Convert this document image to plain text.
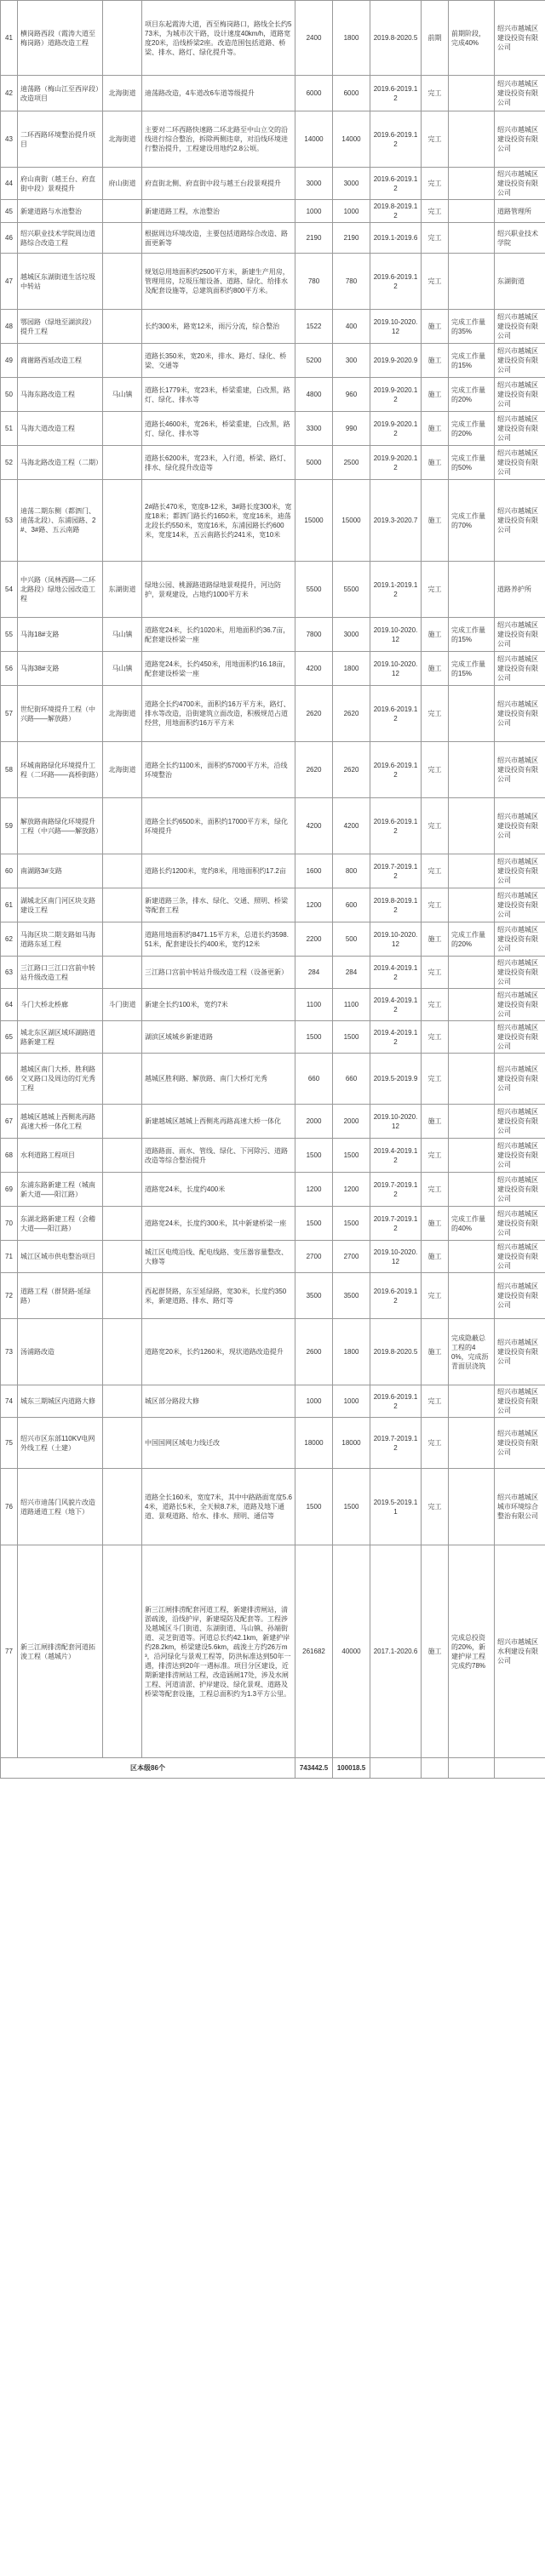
41	横岗路西段（霞涛大道至梅岗路）道路改造工程		项目东起霞涛大道，西至梅岗路口，路线全长约573米，为城市次干路，设计速度40km/h，道路宽度20米，沿线桥梁2座。改造范围包括道路、桥梁、排水、路灯、绿化提升等。	2400	1800	2019.8-2020.5	前期	前期阶段，完成40%	绍兴市越城区建设投资有限公司
42	迪荡路（梅山江至西岸段）改造项目	北海街道	迪荡路改造，4车道改6车道等级提升	6000	6000	2019.6-2019.12	完工		绍兴市越城区建设投资有限公司
43	二环西路环境整治提升项目	北海街道	主要对二环西路快速路二环北路至中山立交的沿线进行综合整治，拆除两侧违章，对沿线环境进行整治提升，工程建设用地约2.8公顷。	14000	14000	2019.6-2019.12	完工		绍兴市越城区建设投资有限公司
44	府山南街（越王台、府直街中段）景观提升	府山街道	府直街北侧、府直街中段与越王台段景观提升	3000	3000	2019.6-2019.12	完工		绍兴市越城区建设投资有限公司
45	新建道路与水池整治		新建道路工程，水池整治	1000	1000	2019.8-2019.12	完工		道路管理所
46	绍兴职业技术学院周边道路综合改造工程		根据周边环境改造，主要包括道路综合改造、路面更新等	2190	2190	2019.1-2019.6	完工		绍兴职业技术学院
47	越城区东湖街道生活垃圾中转站		规划总用地面积约2500平方米，新建生产用房，管理用房，垃圾压缩设备、道路、绿化、给排水及配套设施等，总建筑面积约800平方米。	780	780	2019.6-2019.12	完工		东湖街道
48	鄂园路（绿地至湖滨段）提升工程		长约300米，路宽12米，雨污分流，综合整治	1522	400	2019.10-2020.12	施工	完成工作量的35%	绍兴市越城区建设投资有限公司
49	商谢路西延改造工程		道路长350米，宽20米，排水、路灯、绿化、桥梁、交通等	5200	300	2019.9-2020.9	施工	完成工作量的15%	绍兴市越城区建设投资有限公司
50	马海东路改造工程	马山镇	道路长1779米，宽23米，桥梁重建，白改黑，路灯、绿化、排水等	4800	960	2019.9-2020.12	施工	完成工作量的20%	绍兴市越城区建设投资有限公司
51	马海大道改造工程		道路长4600米，宽26米，桥梁重建，白改黑，路灯、绿化、排水等	3300	990	2019.9-2020.12	施工	完成工作量的20%	绍兴市越城区建设投资有限公司
52	马海北路改造工程（二期）		道路长6200米，宽23米，入行道，桥梁、路灯、排水、绿化提升改造等	5000	2500	2019.9-2020.12	施工	完成工作量的50%	绍兴市越城区建设投资有限公司
53	迪荡二期东侧（都泗门、迪荡北段）、东浦园路、2#、3#路、五云南路		2#路长470米，宽度8-12米，3#路长度300米，宽度18米；都泗门路长约1650米，宽度16米，迪荡北段长约550米，宽度16米，东浦园路长约600米，宽度14米，五云南路长约241米，宽10米	15000	15000	2019.3-2020.7	施工	完成工作量的70%	绍兴市越城区建设投资有限公司
54	中兴路（凤林西路—二环北路段）绿地公园改造工程	东湖街道	绿地公园、桃源路道路绿地景观提升，河边防护，景观建设，占地约1000平方米	5500	5500	2019.1-2019.12	完工		道路养护所
55	马海18#支路	马山镇	道路宽24米，长约1020米，用地面积约36.7亩，配套建设桥梁一座	7800	3000	2019.10-2020.12	施工	完成工作量的15%	绍兴市越城区建设投资有限公司
56	马海38#支路	马山镇	道路宽24米，长约450米，用地面积约16.18亩，配套建设桥梁一座	4200	1800	2019.10-2020.12	施工	完成工作量的15%	绍兴市越城区建设投资有限公司
57	世纪街环境提升工程（中兴路——解放路）	北海街道	道路全长约4700米，面积约16万平方米，路灯、排水等改造，沿街建筑立面改造，积极规范占道经营，用地面积约16万平方米	2620	2620	2019.6-2019.12	完工		绍兴市越城区建设投资有限公司
58	环城南路绿化环境提升工程（二环路——高桥街路）	北海街道	道路全长约1100米，面积约57000平方米，沿线环境整治	2620	2620	2019.6-2019.12	完工		绍兴市越城区建设投资有限公司
59	解放路南路绿化环境提升工程（中兴路——解放路）		道路全长约6500米，面积约17000平方米，绿化环境提升	4200	4200	2019.6-2019.12	完工		绍兴市越城区建设投资有限公司
60	南湖路3#支路		道路长约1200米，宽约8米，用地面积约17.2亩	1600	800	2019.7-2019.12	完工		绍兴市越城区建设投资有限公司
61	湖城北区南门河区块支路建设工程		新建道路三条，排水、绿化、交通、照明、桥梁等配套工程	1200	600	2019.8-2019.12	完工		绍兴市越城区建设投资有限公司
62	马海区块二期支路如马海道路东延工程		道路用地面积约8471.15平方米，总道长约3598.51米，配套建设长约400米，宽约12米	2200	500	2019.10-2020.12	施工	完成工作量的20%	绍兴市越城区建设投资有限公司
63	三江路口三江口宫前中转站升级改造工程		三江路口宫前中转站升级改造工程（设备更新）	284	284	2019.4-2019.12	完工		绍兴市越城区建设投资有限公司
64	斗门大桥北桥廊	斗门街道	新建全长约100米，宽约7米	1100	1100	2019.4-2019.12	完工		绍兴市越城区建设投资有限公司
65	城北东区湖区域环湖路道路新建工程		湖滨区域城乡新建道路	1500	1500	2019.4-2019.12	完工		绍兴市越城区建设投资有限公司
66	越城区南门大桥、胜利路交叉路口及周边的灯光秀工程		越城区胜利路、解放路、南门大桥灯光秀	660	660	2019.5-2019.9	完工		绍兴市越城区建设投资有限公司
67	越城区越城上西侧兆再路高速大桥一体化工程		新建越城区越城上西侧兆再路高速大桥一体化	2000	2000	2019.10-2020.12	施工		绍兴市越城区建设投资有限公司
68	水利道路工程项目		道路路面、雨水、管线、绿化、下河除污、道路改造等综合整治提升	1500	1500	2019.4-2019.12	完工		绍兴市越城区建设投资有限公司
69	东浦东路新建工程（城南新大道——阳江路）		道路宽24米，长度约400米	1200	1200	2019.7-2019.12	完工		绍兴市越城区建设投资有限公司
70	东湖北路新建工程（会稽大道——阳江路）		道路宽24米，长度约300米，其中新建桥梁一座	1500	1500	2019.7-2019.12	施工	完成工作量的40%	绍兴市越城区建设投资有限公司
71	城江区城市供电整治项目		城江区电缆沿线、配电线路、变压器容量整改、大修等	2700	2700	2019.10-2020.12	施工		绍兴市越城区建设投资有限公司
72	道路工程（群贤路-延绿路）		西起群贤路，东至延绿路，宽30米，长度约350米，新建道路、排水、路灯等	3500	3500	2019.6-2019.12	完工		绍兴市越城区建设投资有限公司
73	汤浦路改造		道路宽20米，长约1260米，现状道路改造提升	2600	1800	2019.8-2020.5	施工	完成隐蔽总工程的40%，完成沥青面层浇筑	绍兴市越城区建设投资有限公司
74	城东三期城区内道路大修		城区部分路段大修	1000	1000	2019.6-2019.12	完工		绍兴市越城区建设投资有限公司
75	绍兴市区东部110KV电网外线工程（土建）		中国国网区域电力线迁改	18000	18000	2019.7-2019.12	完工		绍兴市越城区建设投资有限公司
76	绍兴市迪荡门风貌片改造道路通道工程（地下）		道路全长160米，宽度7米，其中中路路面宽度5.64米，道路长5米，全天候8.7米，道路及地下通道、景观道路、给水、排水、照明、通信等	1500	1500	2019.5-2019.11	完工		绍兴市越城区城市环境综合整治有限公司
77	新三江闸排涝配套河道拓浚工程（越城片）		新三江闸排涝配套河道工程，新建排涝闸站，清淤疏浚，沿线护岸，新建堤防及配套等。工程涉及越城区斗门街道、东湖街道、马山镇、孙端街道、灵芝街道等。河道总长约42.1km，新建护岸约28.2km，桥梁建设5.6km，疏浚土方约26万m³，沿河绿化与景观工程等，防洪标准达到50年一遇，排涝达到20年一遇标准。项目分区建设，近期新建排涝闸站工程，改造涵闸17处，涉及水闸工程、河道清淤、护岸建设、绿化景观、道路及桥梁等配套设施，工程总面积约为1.3平方公里。	261682	40000	2017.1-2020.6	施工	完成总投资的20%，新建护岸工程完成约78%	绍兴市越城区水利建设有限公司
区本级86个				743442.5	100018.5				
